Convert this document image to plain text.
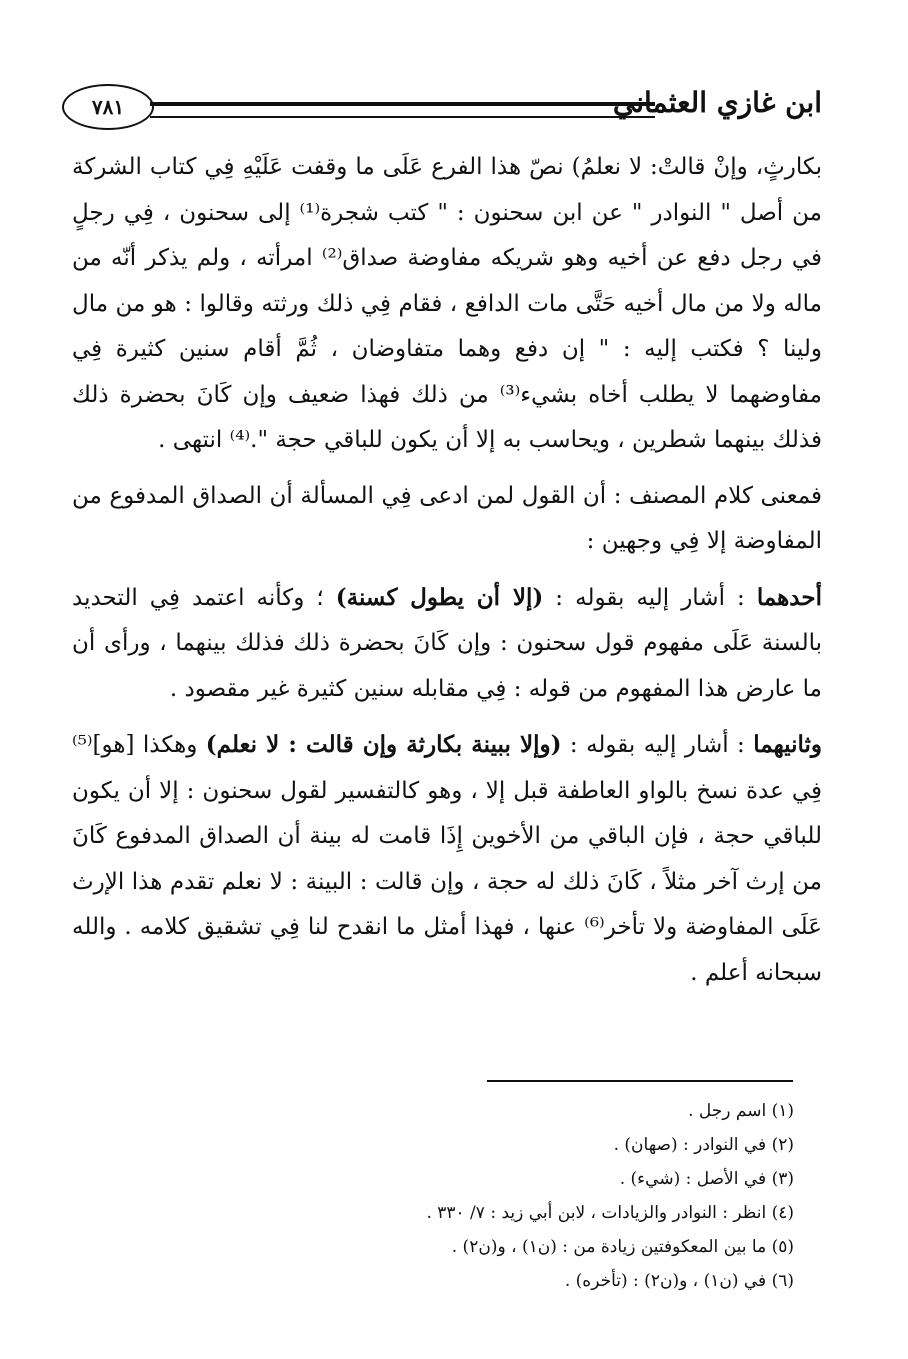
٧٨١	ابن غازي العثماني

بكارثٍ، وإنْ قالتْ: لا نعلمُ) نصّ هذا الفرع عَلَى ما وقفت عَلَيْهِ فِي كتاب الشركة من أصل " النوادر " عن ابن سحنون : " كتب شجرة⁽¹⁾ إلى سحنون ، فِي رجلٍ في رجل دفع عن أخيه وهو شريكه مفاوضة صداق⁽²⁾ امرأته ، ولم يذكر أنّه من ماله ولا من مال أخيه حَتَّى مات الدافع ، فقام فِي ذلك ورثته وقالوا : هو من مال ولينا ؟ فكتب إليه : " إن دفع وهما متفاوضان ، ثُمَّ أقام سنين كثيرة فِي مفاوضهما لا يطلب أخاه بشيء⁽³⁾ من ذلك فهذا ضعيف وإن كَانَ بحضرة ذلك فذلك بينهما شطرين ، ويحاسب به إلا أن يكون للباقي حجة ".⁽⁴⁾ انتهى .

فمعنى كلام المصنف : أن القول لمن ادعى فِي المسألة أن الصداق المدفوع من المفاوضة إلا فِي وجهين :

أحدهما : أشار إليه بقوله : (إلا أن يطول كسنة) ؛ وكأنه اعتمد فِي التحديد بالسنة عَلَى مفهوم قول سحنون : وإن كَانَ بحضرة ذلك فذلك بينهما ، ورأى أن ما عارض هذا المفهوم من قوله : فِي مقابله سنين كثيرة غير مقصود .

وثانيهما : أشار إليه بقوله : (وإلا ببينة بكارثة وإن قالت : لا نعلم) وهكذا [هو]⁽⁵⁾ فِي عدة نسخ بالواو العاطفة قبل إلا ، وهو كالتفسير لقول سحنون : إلا أن يكون للباقي حجة ، فإن الباقي من الأخوين إِذَا قامت له بينة أن الصداق المدفوع كَانَ من إرث آخر مثلاً ، كَانَ ذلك له حجة ، وإن قالت : البينة : لا نعلم تقدم هذا الإرث عَلَى المفاوضة ولا تأخر⁽⁶⁾ عنها ، فهذا أمثل ما انقدح لنا فِي تشقيق كلامه . والله سبحانه أعلم .

(١) اسم رجل .
(٢) في النوادر : (صهان) .
(٣) في الأصل : (شيء) .
(٤) انظر : النوادر والزيادات ، لابن أبي زيد : ٧/ ٣٣٠ .
(٥) ما بين المعكوفتين زيادة من : (ن١) ، و(ن٢) .
(٦) في (ن١) ، و(ن٢) : (تأخره) .
